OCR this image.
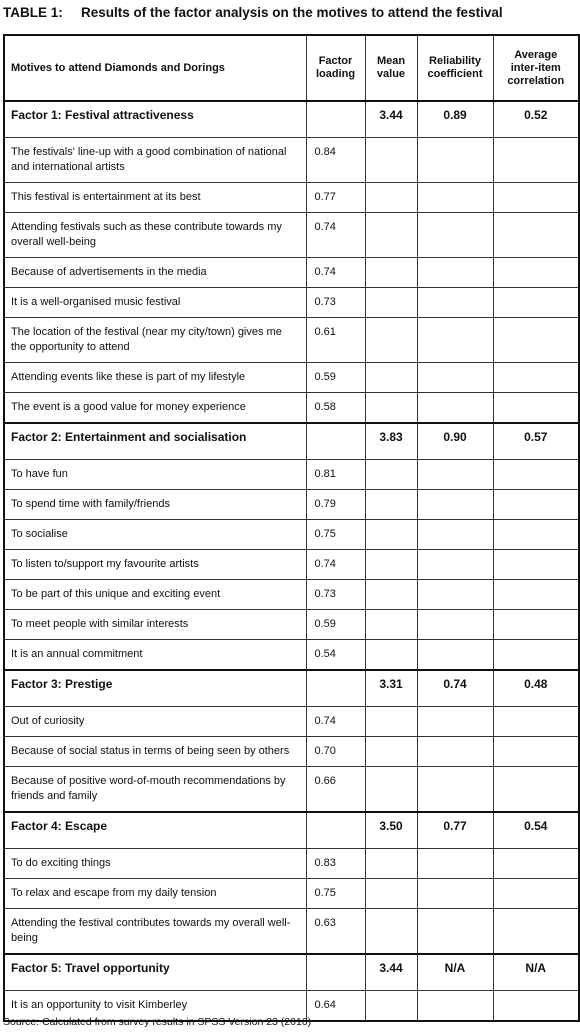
TABLE 1: Results of the factor analysis on the motives to attend the festival
Motives to attend Diamonds and Dorings	Factor loading	Mean value	Reliability coefficient	Average inter-item correlation
Factor 1: Festival attractiveness		3.44	0.89	0.52
The festivals' line-up with a good combination of national and international artists	0.84			
This festival is entertainment at its best	0.77			
Attending festivals such as these contribute towards my overall well-being	0.74			
Because of advertisements in the media	0.74			
It is a well-organised music festival	0.73			
The location of the festival (near my city/town) gives me the opportunity to attend	0.61			
Attending events like these is part of my lifestyle	0.59			
The event is a good value for money experience	0.58			
Factor 2: Entertainment and socialisation		3.83	0.90	0.57
To have fun	0.81			
To spend time with family/friends	0.79			
To socialise	0.75			
To listen to/support my favourite artists	0.74			
To be part of this unique and exciting event	0.73			
To meet people with similar interests	0.59			
It is an annual commitment	0.54			
Factor 3: Prestige		3.31	0.74	0.48
Out of curiosity	0.74			
Because of social status in terms of being seen by others	0.70			
Because of positive word-of-mouth recommendations by friends and family	0.66			
Factor 4: Escape		3.50	0.77	0.54
To do exciting things	0.83			
To relax and escape from my daily tension	0.75			
Attending the festival contributes towards my overall well-being	0.63			
Factor 5: Travel opportunity		3.44	N/A	N/A
It is an opportunity to visit Kimberley	0.64			
Source: Calculated from survey results in SPSS Version 23 (2016)
